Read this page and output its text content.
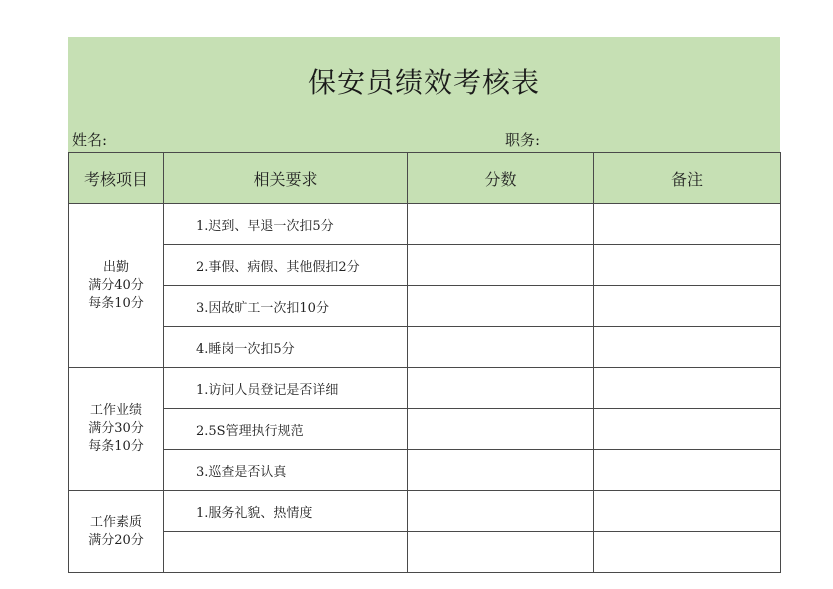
保安员绩效考核表
姓名:	职务:
考核项目	相关要求	分数	备注

出勤
满分40分
每条10分	1.迟到、早退一次扣5分		
	2.事假、病假、其他假扣2分		
	3.因故旷工一次扣10分		
	4.睡岗一次扣5分		

工作业绩
满分30分
每条10分	1.访问人员登记是否详细		
	2.5S管理执行规范		
	3.巡查是否认真		

工作素质
满分20分	1.服务礼貌、热情度		
